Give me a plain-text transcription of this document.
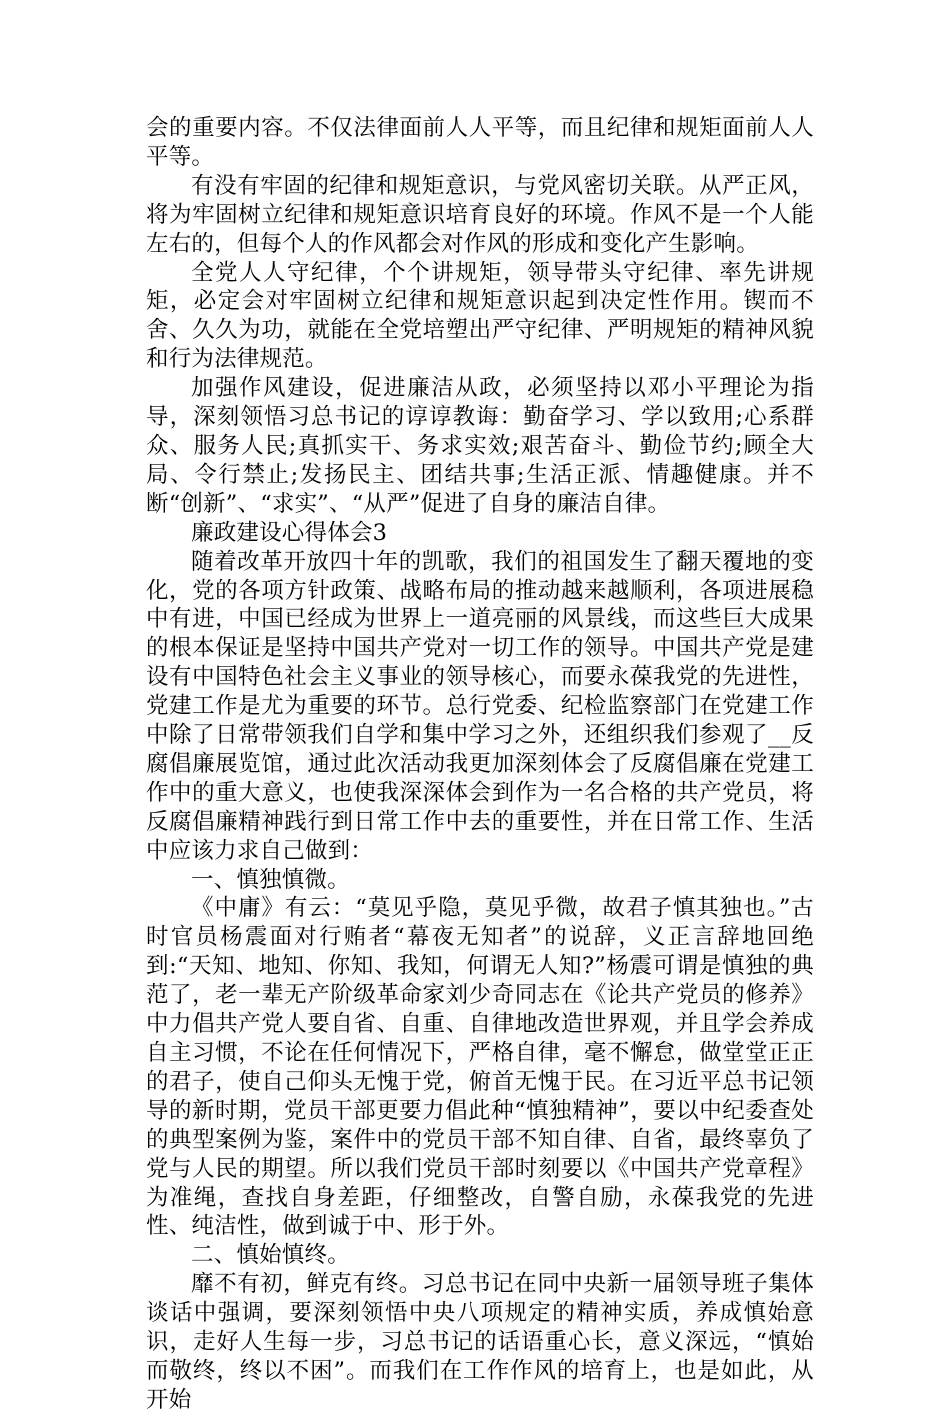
会的重要内容。不仅法律面前人人平等，而且纪律和规矩面前人人平等。

有没有牢固的纪律和规矩意识，与党风密切关联。从严正风，将为牢固树立纪律和规矩意识培育良好的环境。作风不是一个人能左右的，但每个人的作风都会对作风的形成和变化产生影响。

全党人人守纪律，个个讲规矩，领导带头守纪律、率先讲规矩，必定会对牢固树立纪律和规矩意识起到决定性作用。锲而不舍、久久为功，就能在全党培塑出严守纪律、严明规矩的精神风貌和行为法律规范。

加强作风建设，促进廉洁从政，必须坚持以邓小平理论为指导，深刻领悟习总书记的谆谆教诲：勤奋学习、学以致用;心系群众、服务人民;真抓实干、务求实效;艰苦奋斗、勤俭节约;顾全大局、令行禁止;发扬民主、团结共事;生活正派、情趣健康。并不断“创新”、“求实”、“从严”促进了自身的廉洁自律。

廉政建设心得体会3

随着改革开放四十年的凯歌，我们的祖国发生了翻天覆地的变化，党的各项方针政策、战略布局的推动越来越顺利，各项进展稳中有进，中国已经成为世界上一道亮丽的风景线，而这些巨大成果的根本保证是坚持中国共产党对一切工作的领导。中国共产党是建设有中国特色社会主义事业的领导核心，而要永葆我党的先进性，党建工作是尤为重要的环节。总行党委、纪检监察部门在党建工作中除了日常带领我们自学和集中学习之外，还组织我们参观了__反腐倡廉展览馆，通过此次活动我更加深刻体会了反腐倡廉在党建工作中的重大意义，也使我深深体会到作为一名合格的共产党员，将反腐倡廉精神践行到日常工作中去的重要性，并在日常工作、生活中应该力求自己做到：

一、慎独慎微。

《中庸》有云：“莫见乎隐，莫见乎微，故君子慎其独也。”古时官员杨震面对行贿者“幕夜无知者”的说辞，义正言辞地回绝到:“天知、地知、你知、我知，何谓无人知?”杨震可谓是慎独的典范了，老一辈无产阶级革命家刘少奇同志在《论共产党员的修养》中力倡共产党人要自省、自重、自律地改造世界观，并且学会养成自主习惯，不论在任何情况下，严格自律，毫不懈怠，做堂堂正正的君子，使自己仰头无愧于党，俯首无愧于民。在习近平总书记领导的新时期，党员干部更要力倡此种“慎独精神”，要以中纪委查处的典型案例为鉴，案件中的党员干部不知自律、自省，最终辜负了党与人民的期望。所以我们党员干部时刻要以《中国共产党章程》为准绳，查找自身差距，仔细整改，自警自励，永葆我党的先进性、纯洁性，做到诚于中、形于外。

二、慎始慎终。

靡不有初，鲜克有终。习总书记在同中央新一届领导班子集体谈话中强调，要深刻领悟中央八项规定的精神实质，养成慎始意识，走好人生每一步，习总书记的话语重心长，意义深远，“慎始而敬终，终以不困”。而我们在工作作风的培育上，也是如此，从开始
